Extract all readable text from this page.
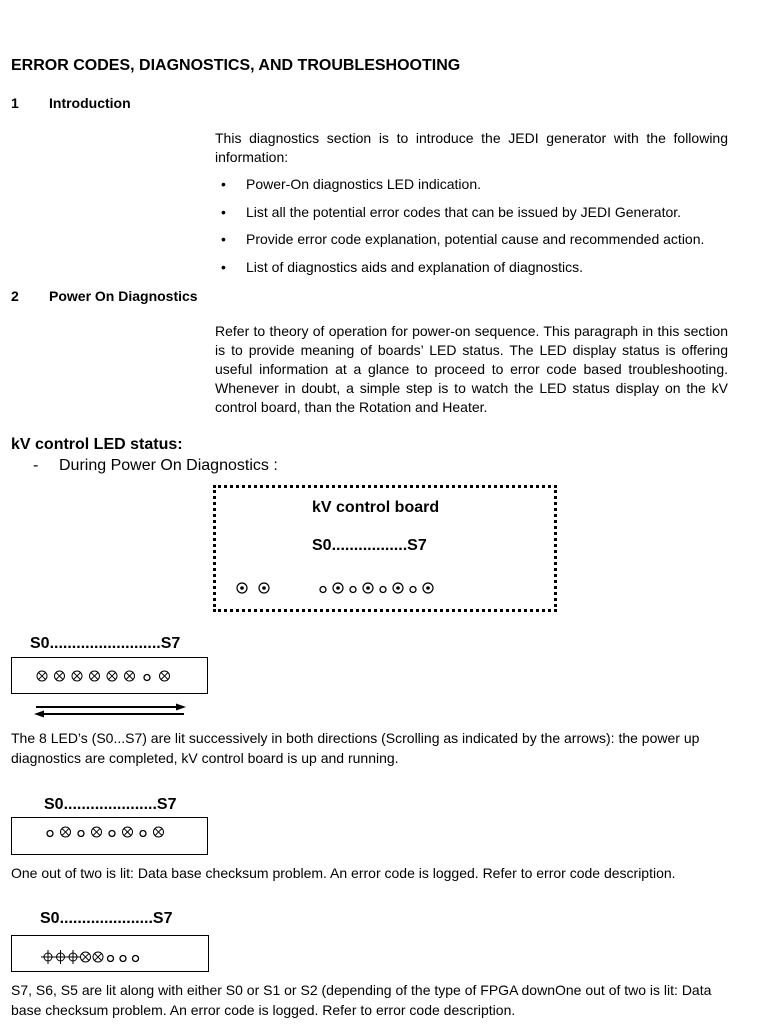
ERROR CODES, DIAGNOSTICS, AND TROUBLESHOOTING
1 Introduction
This diagnostics section is to introduce the JEDI generator with the following information:
• Power-On diagnostics LED indication.
• List all the potential error codes that can be issued by JEDI Generator.
• Provide error code explanation, potential cause and recommended action.
• List of diagnostics aids and explanation of diagnostics.
2 Power On Diagnostics
Refer to theory of operation for power-on sequence. This paragraph in this section is to provide meaning of boards’ LED status. The LED display status is offering useful information at a glance to proceed to error code based troubleshooting. Whenever in doubt, a simple step is to watch the LED status display on the kV control board, than the Rotation and Heater.
kV control LED status:
- During Power On Diagnostics :
kV control board
S0.................S7
S0.........................S7
The 8 LED’s (S0...S7) are lit successively in both directions (Scrolling as indicated by the arrows): the power up diagnostics are completed, kV control board is up and running.
S0.....................S7
One out of two is lit: Data base checksum problem. An error code is logged. Refer to error code description.
S0.....................S7
S7, S6, S5 are lit along with either S0 or S1 or S2 (depending of the type of FPGA downOne out of two is lit: Data base checksum problem. An error code is logged. Refer to error code description.
